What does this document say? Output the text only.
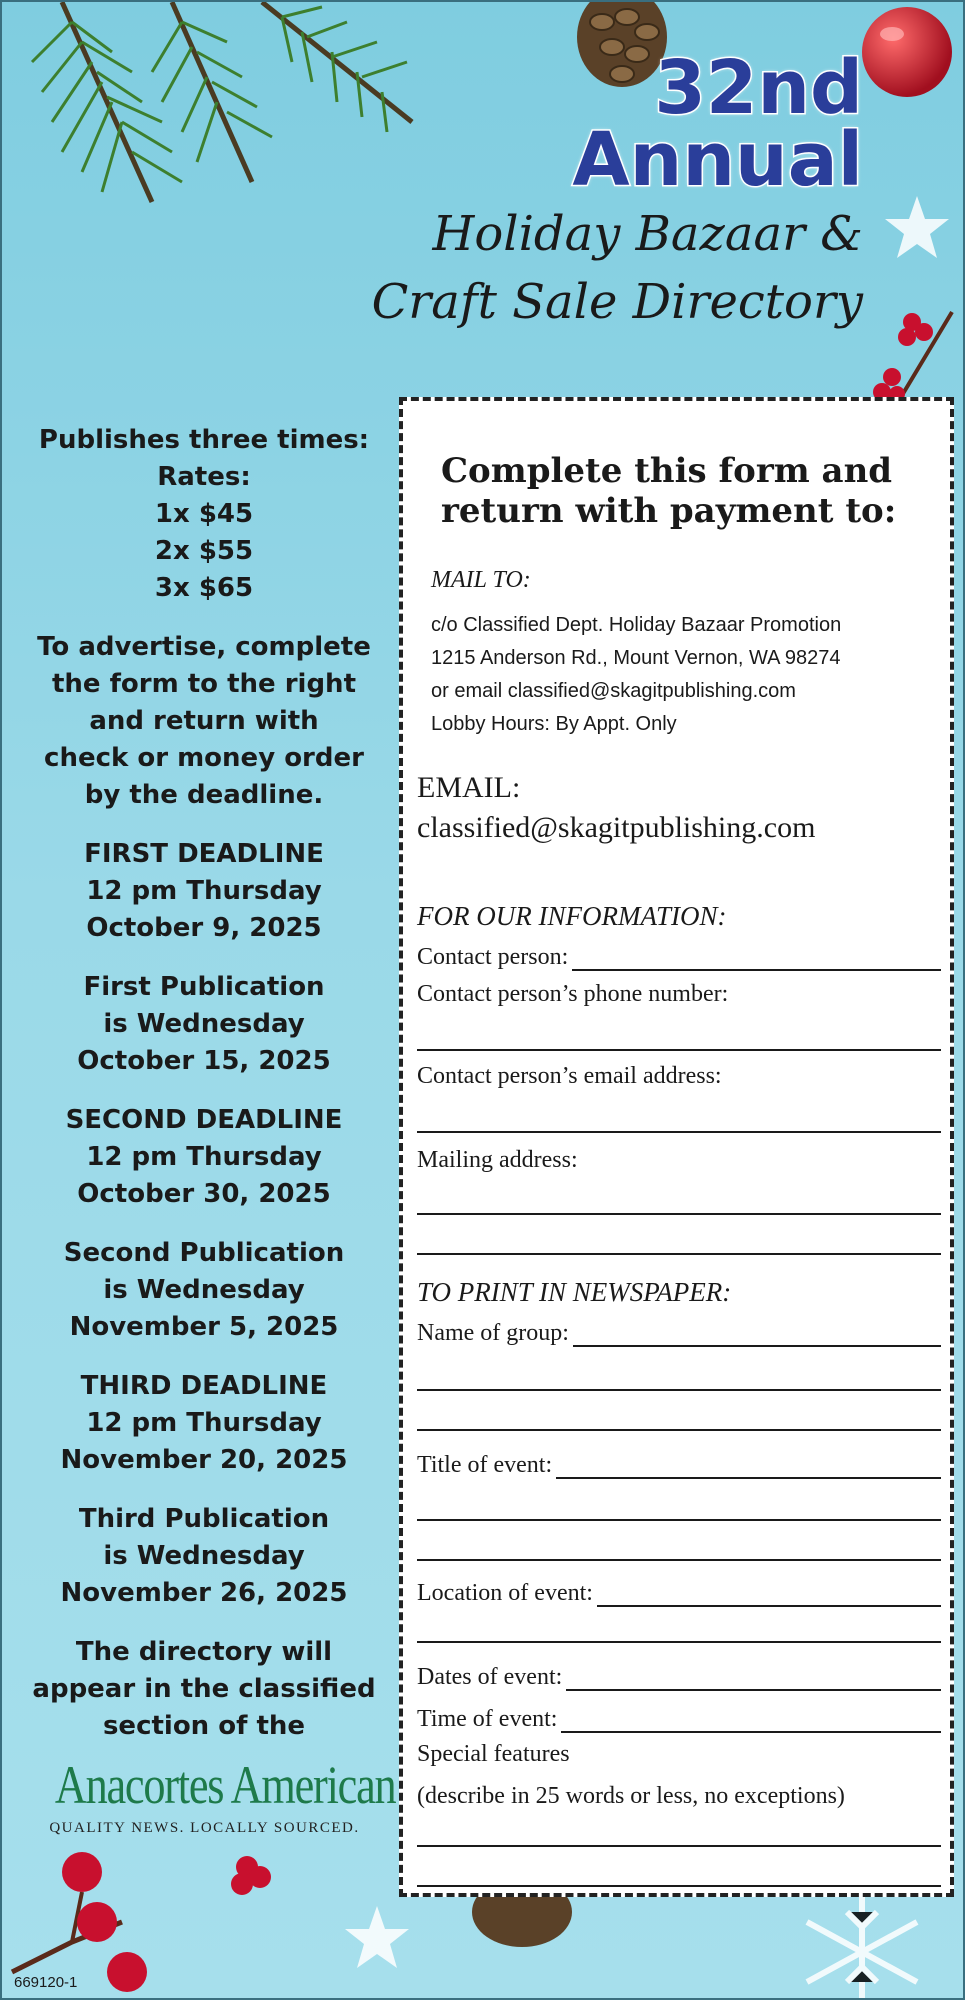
32nd
Annual
Holiday Bazaar &
Craft Sale Directory
Publishes three times:
Rates:
1x $45
2x $55
3x $65
To advertise, complete
the form to the right
and return with
check or money order
by the deadline.
FIRST DEADLINE
12 pm Thursday
October 9, 2025
First Publication
is Wednesday
October 15, 2025
SECOND DEADLINE
12 pm Thursday
October 30, 2025
Second Publication
is Wednesday
November 5, 2025
THIRD DEADLINE
12 pm Thursday
November 20, 2025
Third Publication
is Wednesday
November 26, 2025
The directory will
appear in the classified
section of the
Anacortes American
QUALITY NEWS. LOCALLY SOURCED.
Complete this form and
return with payment to:
MAIL TO:
c/o Classified Dept. Holiday Bazaar Promotion
1215 Anderson Rd., Mount Vernon, WA 98274
or email classified@skagitpublishing.com
Lobby Hours: By Appt. Only
EMAIL:
classified@skagitpublishing.com
FOR OUR INFORMATION:
Contact person:
Contact person’s phone number:
Contact person’s email address:
Mailing address:
TO PRINT IN NEWSPAPER:
Name of group:
Title of event:
Location of event:
Dates of event:
Time of event:
Special features
(describe in 25 words or less, no exceptions)
669120-1
